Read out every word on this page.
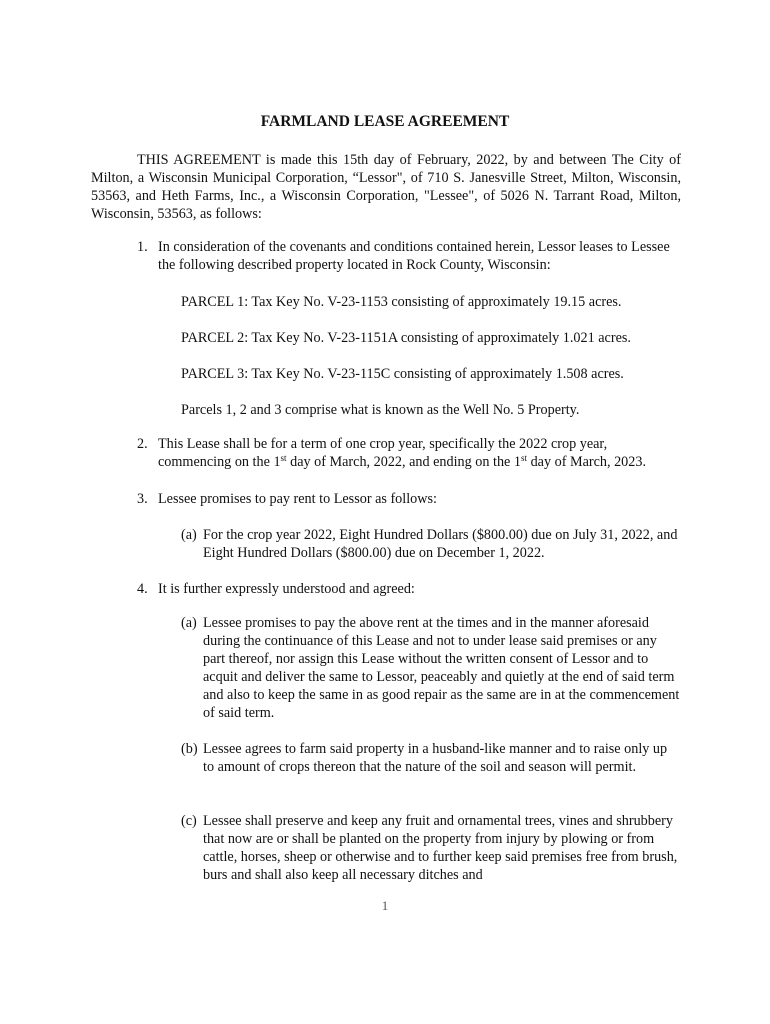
FARMLAND LEASE AGREEMENT
THIS AGREEMENT is made this 15th day of February, 2022, by and between The City of Milton, a Wisconsin Municipal Corporation, “Lessor", of 710 S. Janesville Street, Milton, Wisconsin, 53563, and Heth Farms, Inc., a Wisconsin Corporation, "Lessee", of 5026 N. Tarrant Road, Milton, Wisconsin, 53563, as follows:
1. In consideration of the covenants and conditions contained herein, Lessor leases to Lessee the following described property located in Rock County, Wisconsin:
PARCEL 1: Tax Key No. V-23-1153 consisting of approximately 19.15 acres.
PARCEL 2: Tax Key No. V-23-1151A consisting of approximately 1.021 acres.
PARCEL 3: Tax Key No. V-23-115C consisting of approximately 1.508 acres.
Parcels 1, 2 and 3 comprise what is known as the Well No. 5 Property.
2. This Lease shall be for a term of one crop year, specifically the 2022 crop year, commencing on the 1st day of March, 2022, and ending on the 1st day of March, 2023.
3. Lessee promises to pay rent to Lessor as follows:
(a) For the crop year 2022, Eight Hundred Dollars ($800.00) due on July 31, 2022, and Eight Hundred Dollars ($800.00) due on December 1, 2022.
4. It is further expressly understood and agreed:
(a) Lessee promises to pay the above rent at the times and in the manner aforesaid during the continuance of this Lease and not to under lease said premises or any part thereof, nor assign this Lease without the written consent of Lessor and to acquit and deliver the same to Lessor, peaceably and quietly at the end of said term and also to keep the same in as good repair as the same are in at the commencement of said term.
(b) Lessee agrees to farm said property in a husband-like manner and to raise only up to amount of crops thereon that the nature of the soil and season will permit.
(c) Lessee shall preserve and keep any fruit and ornamental trees, vines and shrubbery that now are or shall be planted on the property from injury by plowing or from cattle, horses, sheep or otherwise and to further keep said premises free from brush, burs and shall also keep all necessary ditches and
1
